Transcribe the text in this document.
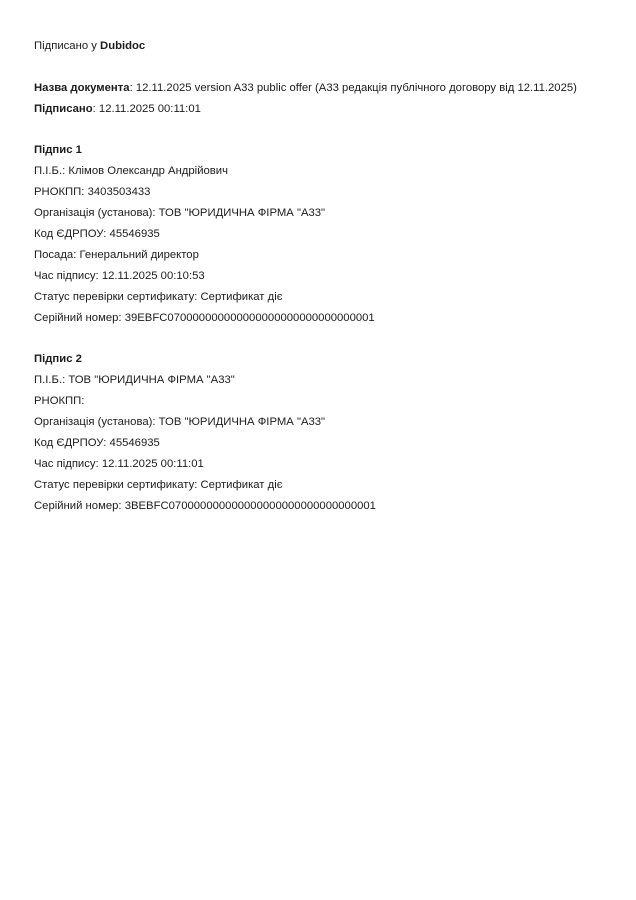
Підписано у Dubidoc
Назва документа: 12.11.2025 version A33 public offer (A33 редакція публічного договору від 12.11.2025)
Підписано: 12.11.2025 00:11:01
Підпис 1
П.І.Б.: Клімов Олександр Андрійович
РНОКПП: 3403503433
Організація (установа): ТОВ "ЮРИДИЧНА ФІРМА "А33"
Код ЄДРПОУ: 45546935
Посада: Генеральний директор
Час підпису: 12.11.2025 00:10:53
Статус перевірки сертификату: Сертификат діє
Серійний номер: 39EBFC070000000000000000000000000000001
Підпис 2
П.І.Б.: ТОВ "ЮРИДИЧНА ФІРМА "А33"
РНОКПП:
Організація (установа): ТОВ "ЮРИДИЧНА ФІРМА "А33"
Код ЄДРПОУ: 45546935
Час підпису: 12.11.2025 00:11:01
Статус перевірки сертификату: Сертификат діє
Серійний номер: 3BEBFC070000000000000000000000000000001
